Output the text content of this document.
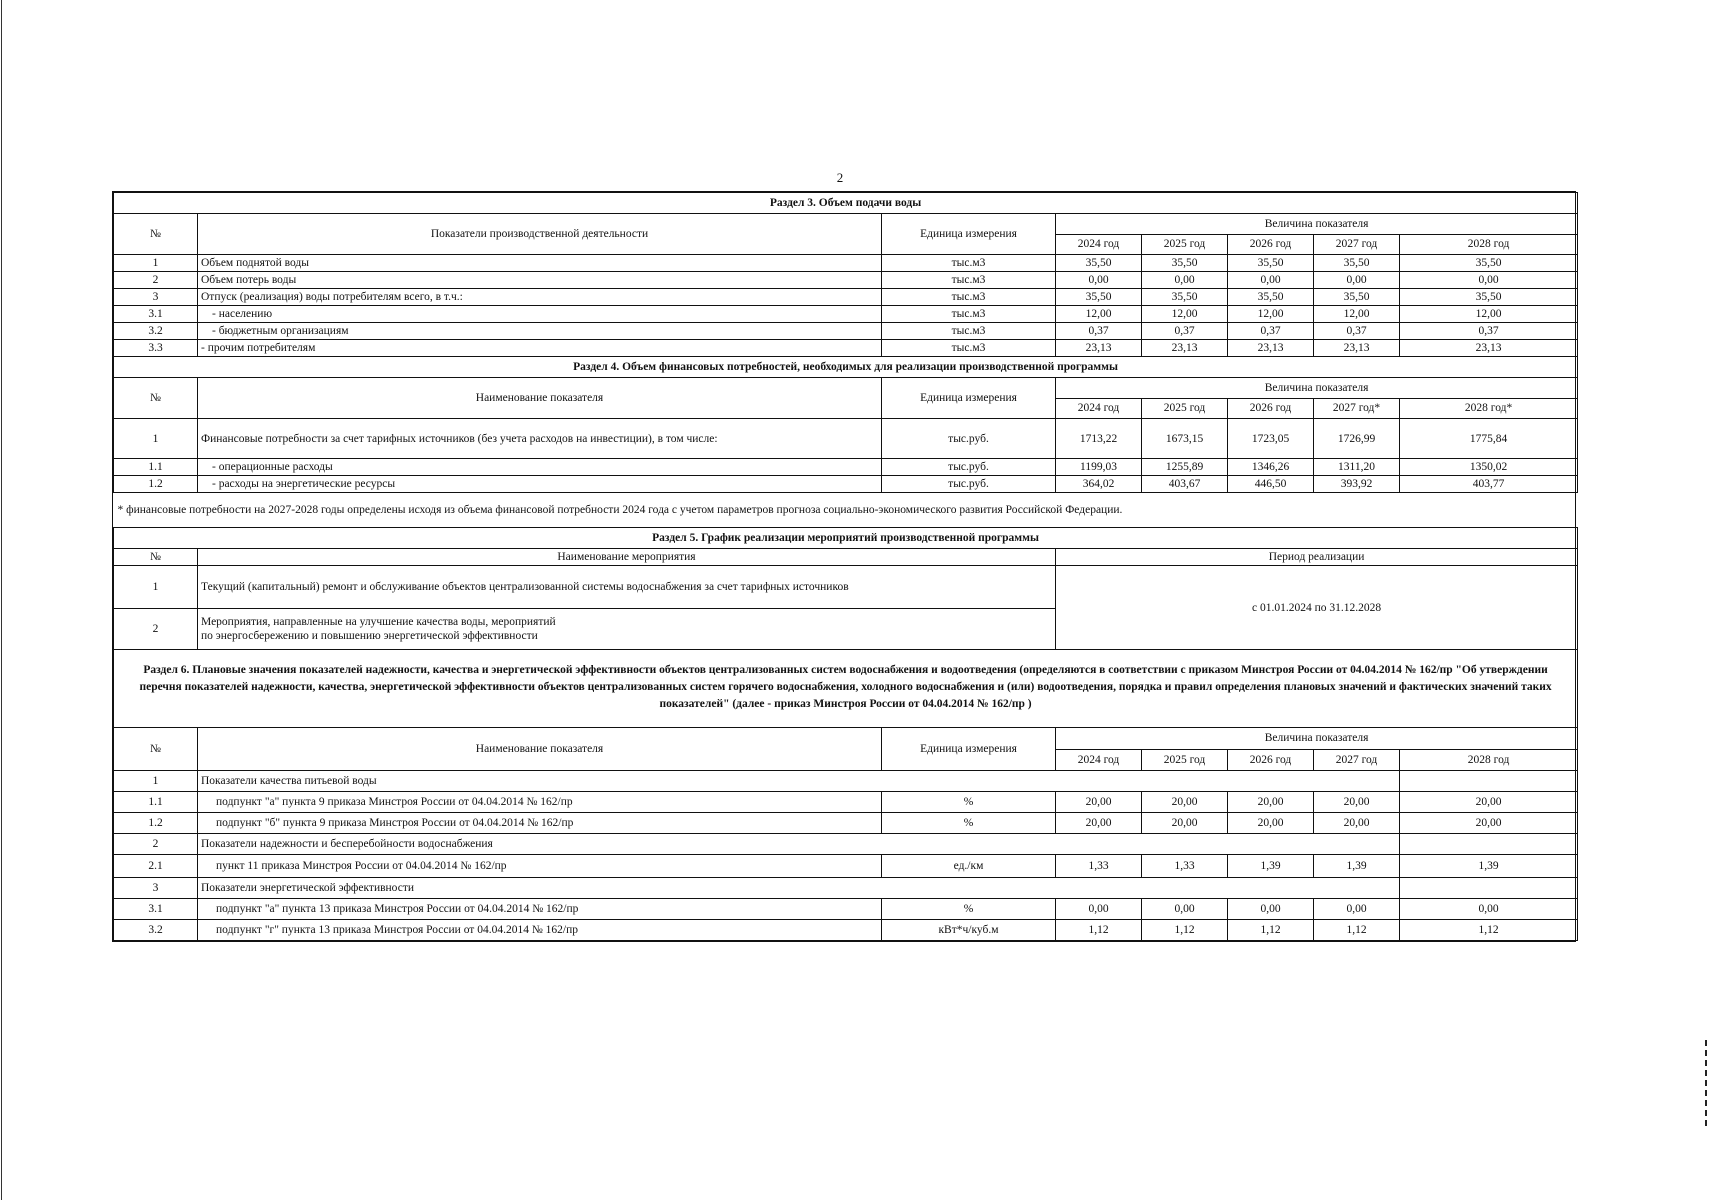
2
Раздел 3. Объем подачи воды							
№	Показатели производственной деятельности	Единица измерения	Величина показателя				
			2024 год	2025 год	2026 год	2027 год	2028 год
1	Объем поднятой воды	тыс.м3	35,50	35,50	35,50	35,50	35,50
2	Объем потерь воды	тыс.м3	0,00	0,00	0,00	0,00	0,00
3	Отпуск (реализация) воды потребителям всего, в т.ч.:	тыс.м3	35,50	35,50	35,50	35,50	35,50
3.1	- населению	тыс.м3	12,00	12,00	12,00	12,00	12,00
3.2	- бюджетным организациям	тыс.м3	0,37	0,37	0,37	0,37	0,37
3.3	- прочим потребителям	тыс.м3	23,13	23,13	23,13	23,13	23,13
Раздел 4. Объем финансовых потребностей, необходимых для реализации производственной программы							
№	Наименование показателя	Единица измерения	Величина показателя				
			2024 год	2025 год	2026 год	2027 год*	2028 год*
1	Финансовые потребности за счет тарифных источников (без учета расходов на инвестиции), в том числе:	тыс.руб.	1713,22	1673,15	1723,05	1726,99	1775,84
1.1	- операционные расходы	тыс.руб.	1199,03	1255,89	1346,26	1311,20	1350,02
1.2	- расходы на энергетические ресурсы	тыс.руб.	364,02	403,67	446,50	393,92	403,77
* финансовые потребности на 2027-2028 годы определены исходя из объема финансовой потребности 2024 года с учетом параметров прогноза социально-экономического развития Российской Федерации.							
Раздел 5. График реализации мероприятий производственной программы							
№	Наименование мероприятия		Период реализации				
1	Текущий (капитальный) ремонт и обслуживание объектов централизованной системы водоснабжения за счет тарифных источников		с 01.01.2024 по 31.12.2028				
2	Мероприятия, направленные на улучшение качества воды, мероприятий
по энергосбережению и повышению энергетической эффективности						

Раздел 6. Плановые значения показателей надежности, качества и энергетической эффективности объектов централизованных систем водоснабжения и водоотведения (определяются в соответствии с приказом Минстроя России от 04.04.2014 № 162/пр "Об утверждении перечня показателей надежности, качества, энергетической эффективности объектов централизованных систем горячего водоснабжения, холодного водоснабжения и (или) водоотведения, порядка и правил определения плановых значений и фактических значений таких показателей" (далее - приказ Минстроя России от 04.04.2014 № 162/пр )							
№	Наименование показателя	Единица измерения	Величина показателя				
			2024 год	2025 год	2026 год	2027 год	2028 год
1	Показатели качества питьевой воды						
1.1	подпункт "а" пункта 9 приказа Минстроя России от 04.04.2014 № 162/пр	%	20,00	20,00	20,00	20,00	20,00
1.2	подпункт "б" пункта 9 приказа Минстроя России от 04.04.2014 № 162/пр	%	20,00	20,00	20,00	20,00	20,00
2	Показатели надежности и бесперебойности водоснабжения						
2.1	пункт 11 приказа Минстроя России от 04.04.2014 № 162/пр	ед./км	1,33	1,33	1,39	1,39	1,39
3	Показатели энергетической эффективности						
3.1	подпункт "а" пункта 13 приказа Минстроя России от 04.04.2014 № 162/пр	%	0,00	0,00	0,00	0,00	0,00
3.2	подпункт "г" пункта 13 приказа Минстроя России от 04.04.2014 № 162/пр	кВт*ч/куб.м	1,12	1,12	1,12	1,12	1,12
